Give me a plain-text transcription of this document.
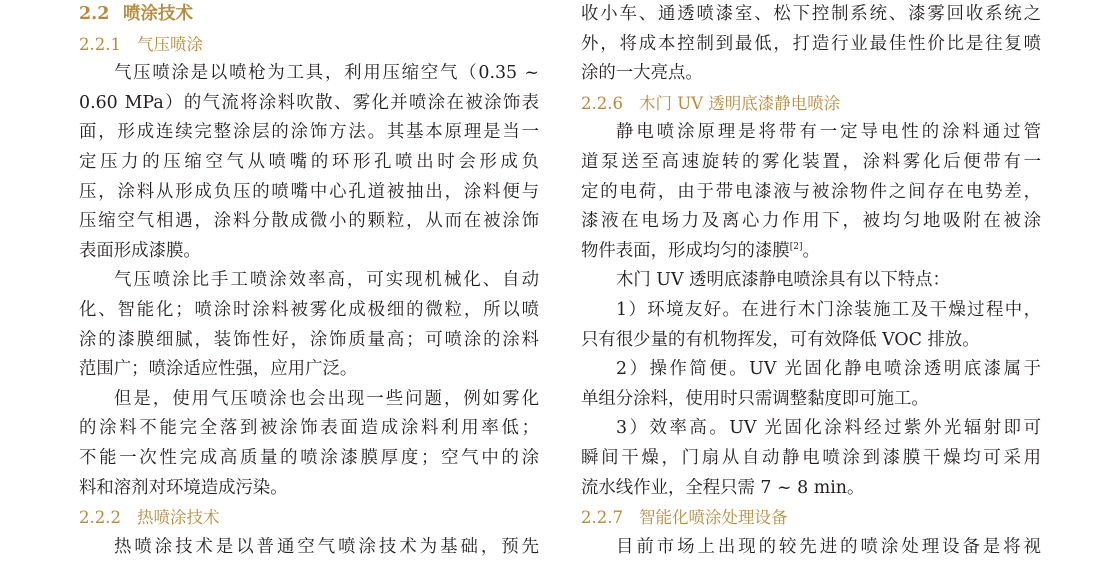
2.2 喷涂技术
2.2.1 气压喷涂
气压喷涂是以喷枪为工具，利用压缩空气（0.35 ~
0.60 MPa）的气流将涂料吹散、雾化并喷涂在被涂饰表
面，形成连续完整涂层的涂饰方法。其基本原理是当一
定压力的压缩空气从喷嘴的环形孔喷出时会形成负
压，涂料从形成负压的喷嘴中心孔道被抽出，涂料便与
压缩空气相遇，涂料分散成微小的颗粒，从而在被涂饰
表面形成漆膜。
气压喷涂比手工喷涂效率高，可实现机械化、自动
化、智能化；喷涂时涂料被雾化成极细的微粒，所以喷
涂的漆膜细腻，装饰性好，涂饰质量高；可喷涂的涂料
范围广；喷涂适应性强，应用广泛。
但是，使用气压喷涂也会出现一些问题，例如雾化
的涂料不能完全落到被涂饰表面造成涂料利用率低；
不能一次性完成高质量的喷涂漆膜厚度；空气中的涂
料和溶剂对环境造成污染。
2.2.2 热喷涂技术
热喷涂技术是以普通空气喷涂技术为基础，预先
收小车、通透喷漆室、松下控制系统、漆雾回收系统之
外，将成本控制到最低，打造行业最佳性价比是往复喷
涂的一大亮点。
2.2.6 木门 UV 透明底漆静电喷涂
静电喷涂原理是将带有一定导电性的涂料通过管
道泵送至高速旋转的雾化装置，涂料雾化后便带有一
定的电荷，由于带电漆液与被涂物件之间存在电势差，
漆液在电场力及离心力作用下，被均匀地吸附在被涂
物件表面，形成均匀的漆膜[2]。
木门 UV 透明底漆静电喷涂具有以下特点：
1）环境友好。在进行木门涂装施工及干燥过程中，
只有很少量的有机物挥发，可有效降低 VOC 排放。
2）操作简便。UV 光固化静电喷涂透明底漆属于
单组分涂料，使用时只需调整黏度即可施工。
3）效率高。UV 光固化涂料经过紫外光辐射即可
瞬间干燥，门扇从自动静电喷涂到漆膜干燥均可采用
流水线作业，全程只需 7 ~ 8 min。
2.2.7 智能化喷涂处理设备
目前市场上出现的较先进的喷涂处理设备是将视
